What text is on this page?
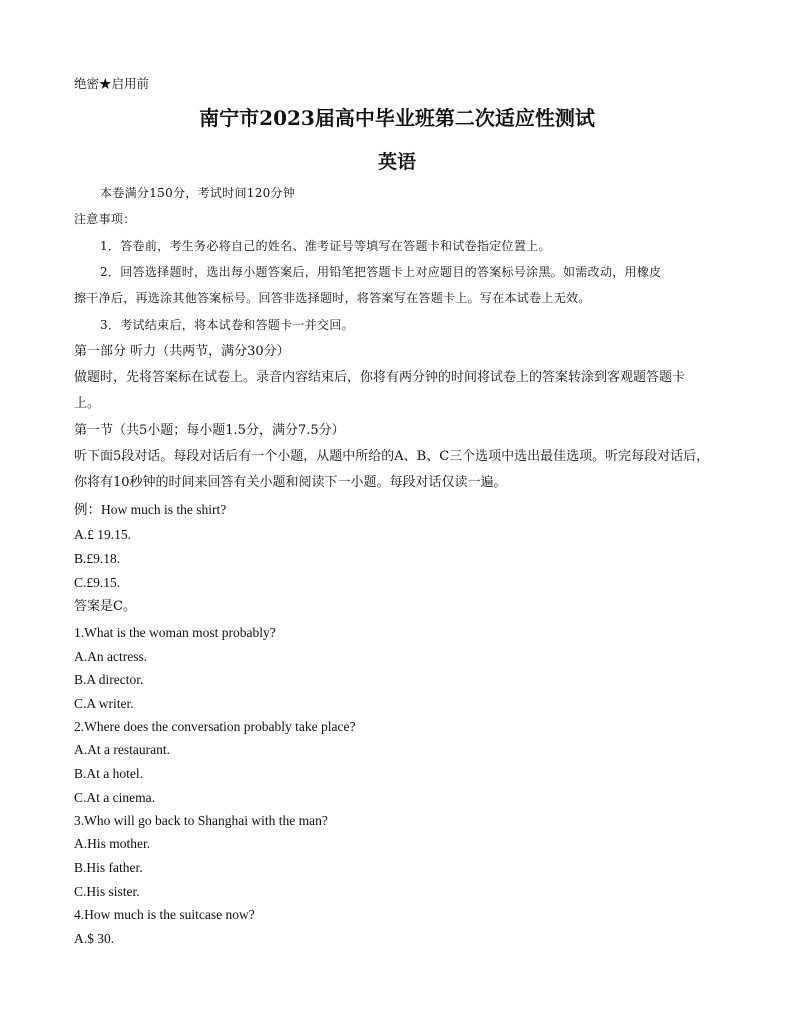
绝密★启用前
南宁市2023届高中毕业班第二次适应性测试
英语
本卷满分150分，考试时间120分钟
注意事项：
1．答卷前，考生务必将自己的姓名、准考证号等填写在答题卡和试卷指定位置上。
2．回答选择题时，选出每小题答案后，用铅笔把答题卡上对应题目的答案标号涂黑。如需改动，用橡皮
擦干净后，再选涂其他答案标号。回答非选择题时，将答案写在答题卡上。写在本试卷上无效。
3．考试结束后，将本试卷和答题卡一并交回。
第一部分 听力（共两节，满分30分）
做题时，先将答案标在试卷上。录音内容结束后，你将有两分钟的时间将试卷上的答案转涂到客观题答题卡
上。
第一节（共5小题；每小题1.5分，满分7.5分）
听下面5段对话。每段对话后有一个小题，从题中所给的A、B、C三个选项中选出最佳选项。听完每段对话后，
你将有10秒钟的时间来回答有关小题和阅读下一小题。每段对话仅读一遍。
例：How much is the shirt?
A.£ 19.15.
B.£9.18.
C.£9.15.
答案是C。
1.What is the woman most probably?
A.An actress.
B.A director.
C.A writer.
2.Where does the conversation probably take place?
A.At a restaurant.
B.At a hotel.
C.At a cinema.
3.Who will go back to Shanghai with the man?
A.His mother.
B.His father.
C.His sister.
4.How much is the suitcase now?
A.$ 30.
